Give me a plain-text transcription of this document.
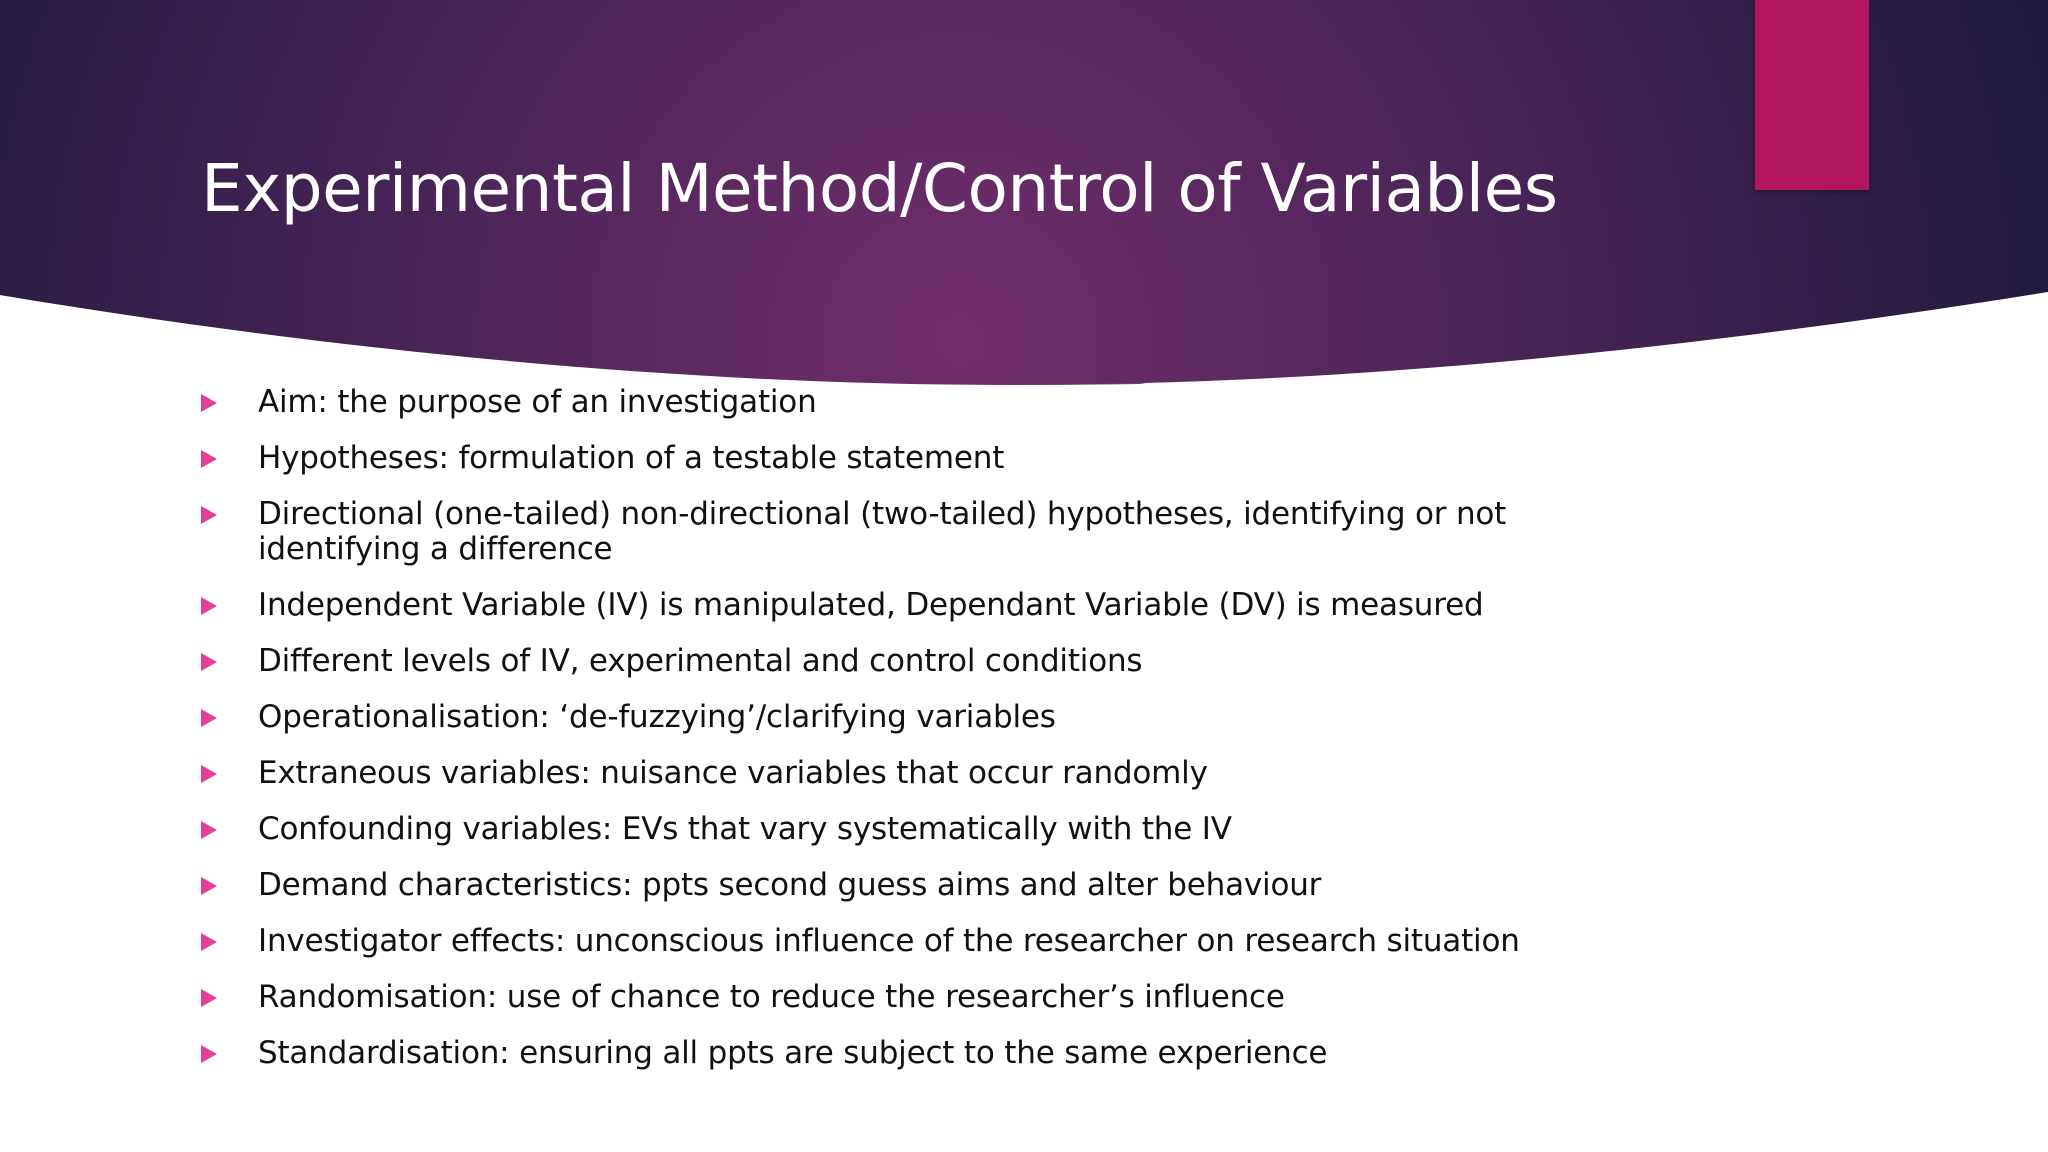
Experimental Method/Control of Variables
Aim: the purpose of an investigation
Hypotheses: formulation of a testable statement
Directional (one-tailed) non-directional (two-tailed) hypotheses, identifying or not identifying a difference
Independent Variable (IV) is manipulated, Dependant Variable (DV) is measured
Different levels of IV, experimental and control conditions
Operationalisation: ‘de-fuzzying’/clarifying variables
Extraneous variables: nuisance variables that occur randomly
Confounding variables: EVs that vary systematically with the IV
Demand characteristics: ppts second guess aims and alter behaviour
Investigator effects: unconscious influence of the researcher on research situation
Randomisation: use of chance to reduce the researcher’s influence
Standardisation: ensuring all ppts are subject to the same experience
